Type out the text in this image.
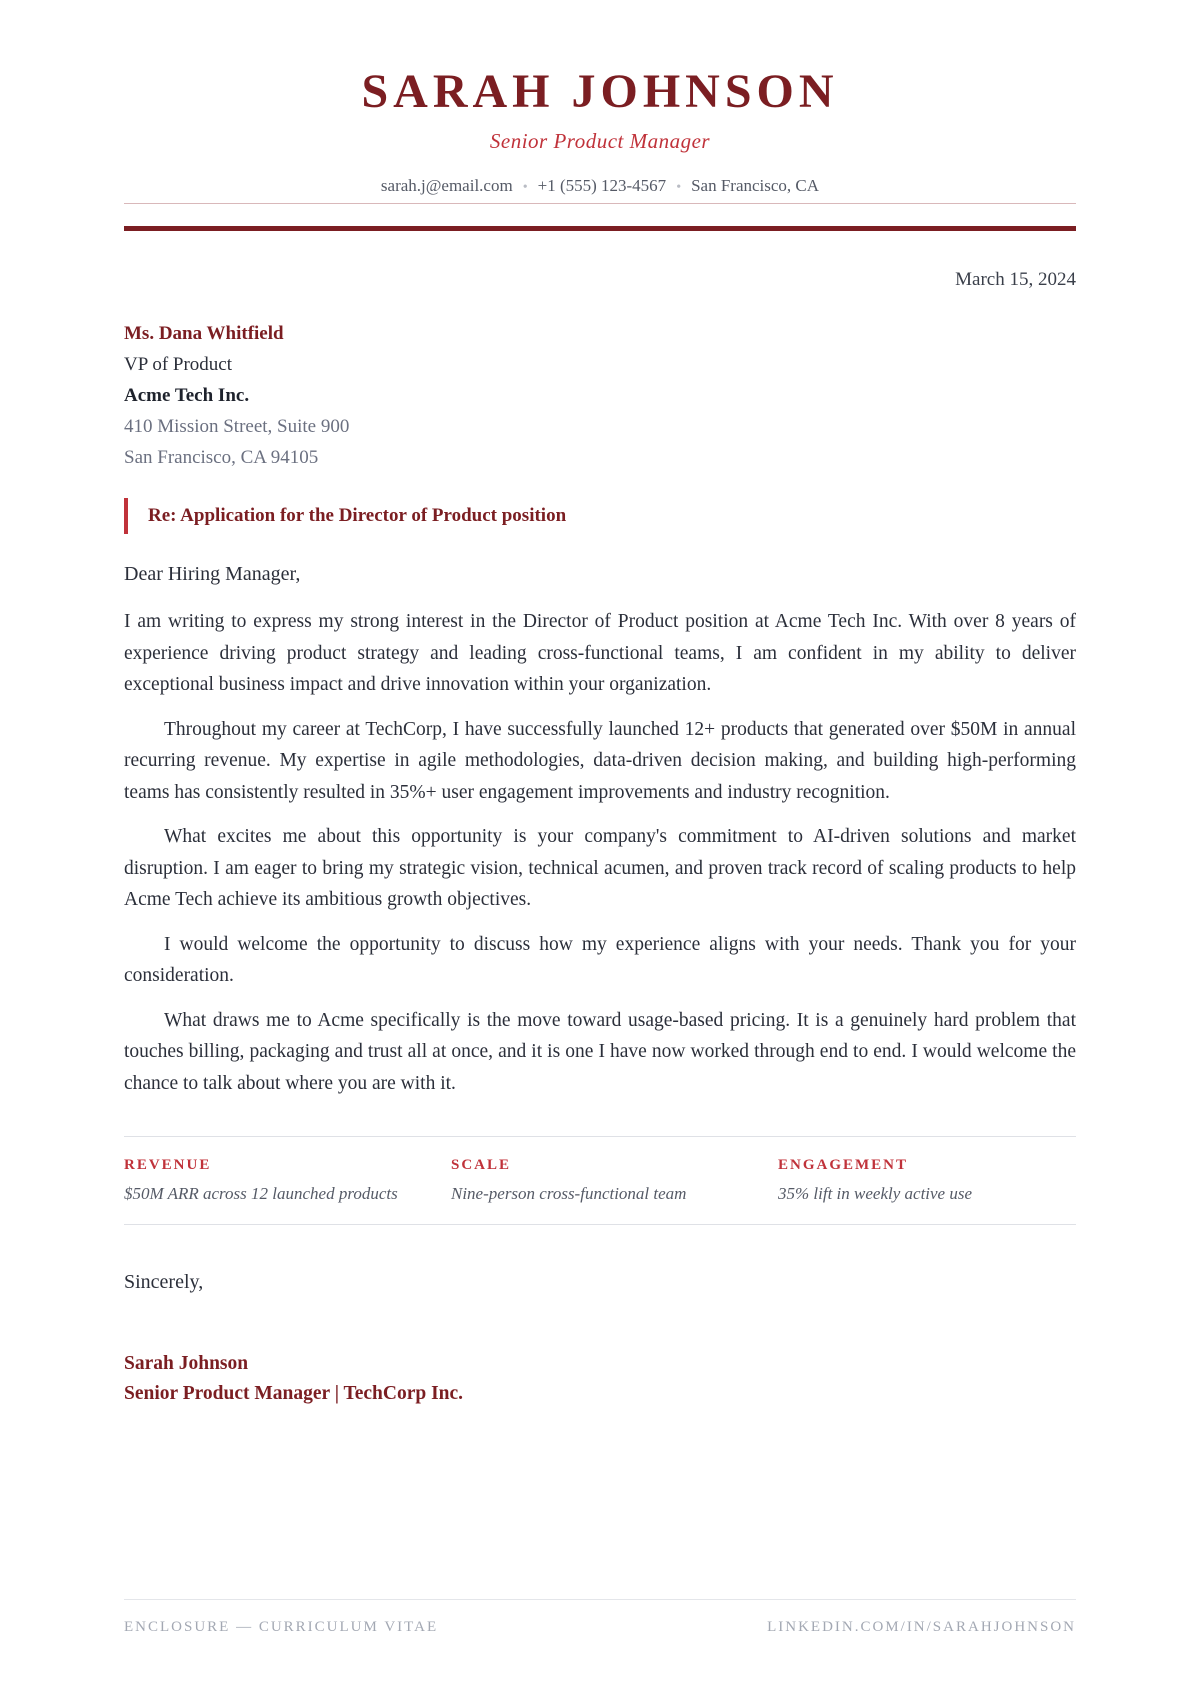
SARAH JOHNSON
Senior Product Manager
sarah.j@email.com • +1 (555) 123-4567 • San Francisco, CA
March 15, 2024
Ms. Dana Whitfield
VP of Product
Acme Tech Inc.
410 Mission Street, Suite 900
San Francisco, CA 94105
Re: Application for the Director of Product position
Dear Hiring Manager,

I am writing to express my strong interest in the Director of Product position at Acme Tech Inc. With over 8 years of experience driving product strategy and leading cross-functional teams, I am confident in my ability to deliver exceptional business impact and drive innovation within your organization.

Throughout my career at TechCorp, I have successfully launched 12+ products that generated over $50M in annual recurring revenue. My expertise in agile methodologies, data-driven decision making, and building high-performing teams has consistently resulted in 35%+ user engagement improvements and industry recognition.

What excites me about this opportunity is your company's commitment to AI-driven solutions and market disruption. I am eager to bring my strategic vision, technical acumen, and proven track record of scaling products to help Acme Tech achieve its ambitious growth objectives.

I would welcome the opportunity to discuss how my experience aligns with your needs. Thank you for your consideration.

What draws me to Acme specifically is the move toward usage-based pricing. It is a genuinely hard problem that touches billing, packaging and trust all at once, and it is one I have now worked through end to end. I would welcome the chance to talk about where you are with it.

REVENUE
$50M ARR across 12 launched products
SCALE
Nine-person cross-functional team
ENGAGEMENT
35% lift in weekly active use
Sincerely,
Sarah Johnson
Senior Product Manager | TechCorp Inc.
ENCLOSURE — CURRICULUM VITAE	LINKEDIN.COM/IN/SARAHJOHNSON
